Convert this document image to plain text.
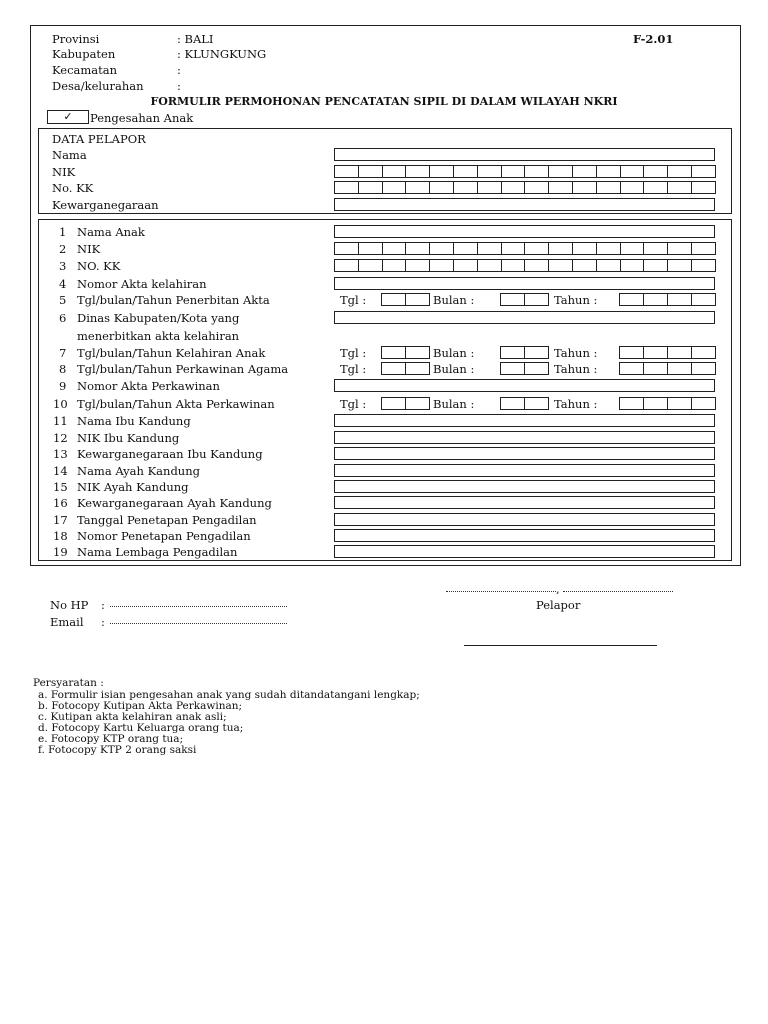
Provinsi	: BALI
Kabupaten	: KLUNGKUNG
Kecamatan	:
Desa/kelurahan	:
F-2.01
FORMULIR PERMOHONAN PENCATATAN SIPIL DI DALAM WILAYAH NKRI
✓	Pengesahan Anak
DATA PELAPOR
Nama
NIK
No. KK
Kewarganegaraan
No HP :
Email :
,
Pelapor
Persyaratan :
a. Formulir isian pengesahan anak yang sudah ditandatangani lengkap;
b. Fotocopy Kutipan Akta Perkawinan;
c. Kutipan akta kelahiran anak asli;
d. Fotocopy Kartu Keluarga orang tua;
e. Fotocopy KTP orang tua;
f. Fotocopy KTP 2 orang saksi
1 Nama Anak
2 NIK
3 NO. KK
4 Nomor Akta kelahiran
5 Tgl/bulan/Tahun Penerbitan Akta	Tgl :	Bulan :	Tahun :
6 Dinas Kabupaten/Kota yang
menerbitkan akta kelahiran
7 Tgl/bulan/Tahun Kelahiran Anak	Tgl :	Bulan :	Tahun :
8 Tgl/bulan/Tahun Perkawinan Agama	Tgl :	Bulan :	Tahun :
9 Nomor Akta Perkawinan
10 Tgl/bulan/Tahun Akta Perkawinan	Tgl :	Bulan :	Tahun :
11 Nama Ibu Kandung
12 NIK Ibu Kandung
13 Kewarganegaraan Ibu Kandung
14 Nama Ayah Kandung
15 NIK Ayah Kandung
16 Kewarganegaraan Ayah Kandung
17 Tanggal Penetapan Pengadilan
18 Nomor Penetapan Pengadilan
19 Nama Lembaga Pengadilan
